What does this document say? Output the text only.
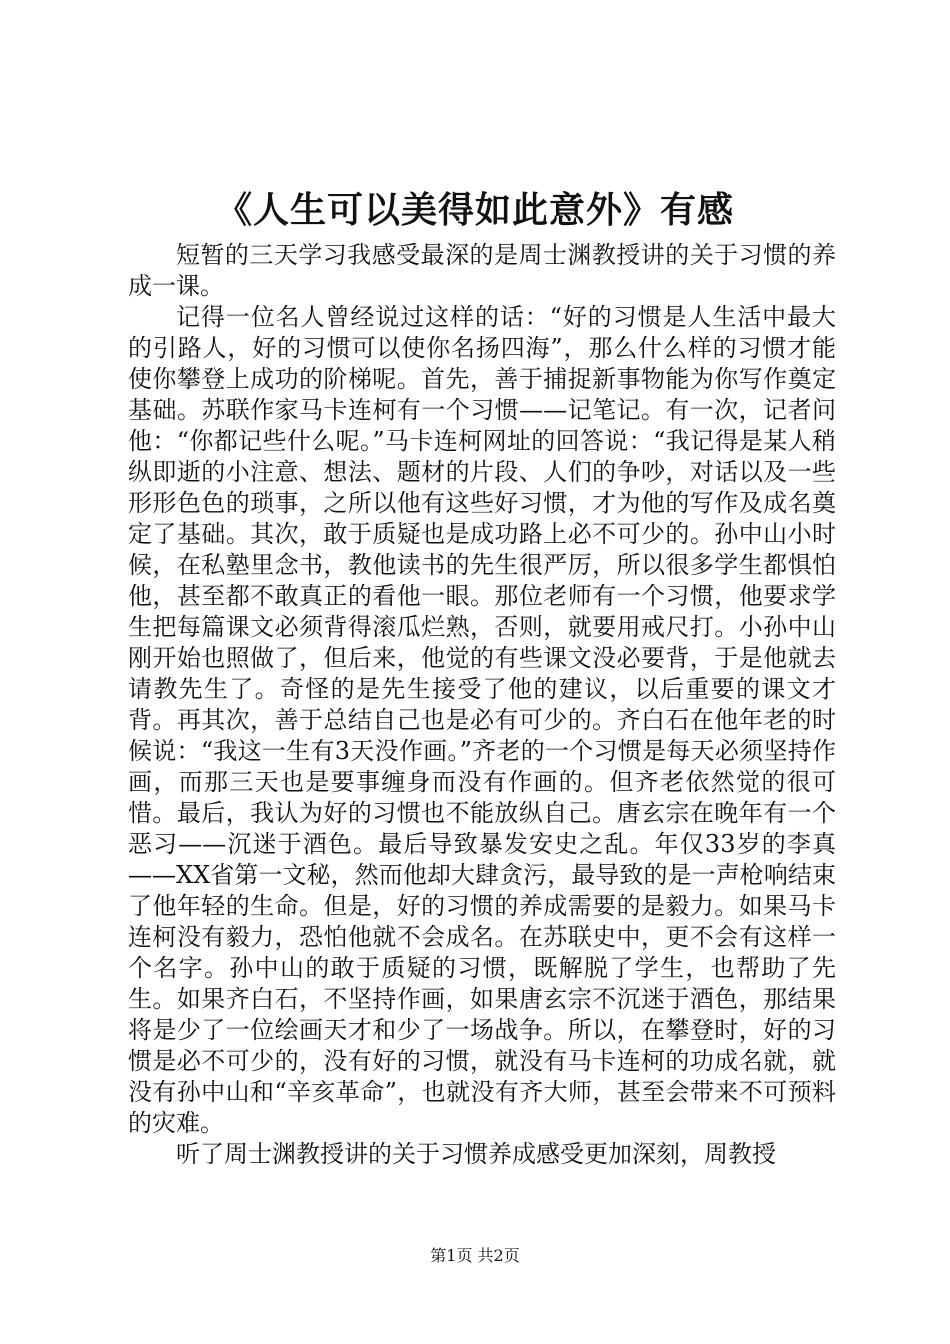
《人生可以美得如此意外》有感

短暂的三天学习我感受最深的是周士渊教授讲的关于习惯的养成一课。

记得一位名人曾经说过这样的话：“好的习惯是人生活中最大的引路人，好的习惯可以使你名扬四海”，那么什么样的习惯才能使你攀登上成功的阶梯呢。首先，善于捕捉新事物能为你写作奠定基础。苏联作家马卡连柯有一个习惯——记笔记。有一次，记者问他：“你都记些什么呢。”马卡连柯网址的回答说：“我记得是某人稍纵即逝的小注意、想法、题材的片段、人们的争吵，对话以及一些形形色色的琐事，之所以他有这些好习惯，才为他的写作及成名奠定了基础。其次，敢于质疑也是成功路上必不可少的。孙中山小时候，在私塾里念书，教他读书的先生很严厉，所以很多学生都惧怕他，甚至都不敢真正的看他一眼。那位老师有一个习惯，他要求学生把每篇课文必须背得滚瓜烂熟，否则，就要用戒尺打。小孙中山刚开始也照做了，但后来，他觉的有些课文没必要背，于是他就去请教先生了。奇怪的是先生接受了他的建议，以后重要的课文才背。再其次，善于总结自己也是必有可少的。齐白石在他年老的时候说：“我这一生有3天没作画。”齐老的一个习惯是每天必须坚持作画，而那三天也是要事缠身而没有作画的。但齐老依然觉的很可惜。最后，我认为好的习惯也不能放纵自己。唐玄宗在晚年有一个恶习——沉迷于酒色。最后导致暴发安史之乱。年仅33岁的李真——XX省第一文秘，然而他却大肆贪污，最导致的是一声枪响结束了他年轻的生命。但是，好的习惯的养成需要的是毅力。如果马卡连柯没有毅力，恐怕他就不会成名。在苏联史中，更不会有这样一个名字。孙中山的敢于质疑的习惯，既解脱了学生，也帮助了先生。如果齐白石，不坚持作画，如果唐玄宗不沉迷于酒色，那结果将是少了一位绘画天才和少了一场战争。所以，在攀登时，好的习惯是必不可少的，没有好的习惯，就没有马卡连柯的功成名就，就没有孙中山和“辛亥革命”，也就没有齐大师，甚至会带来不可预料的灾难。

听了周士渊教授讲的关于习惯养成感受更加深刻，周教授

第1页 共2页
